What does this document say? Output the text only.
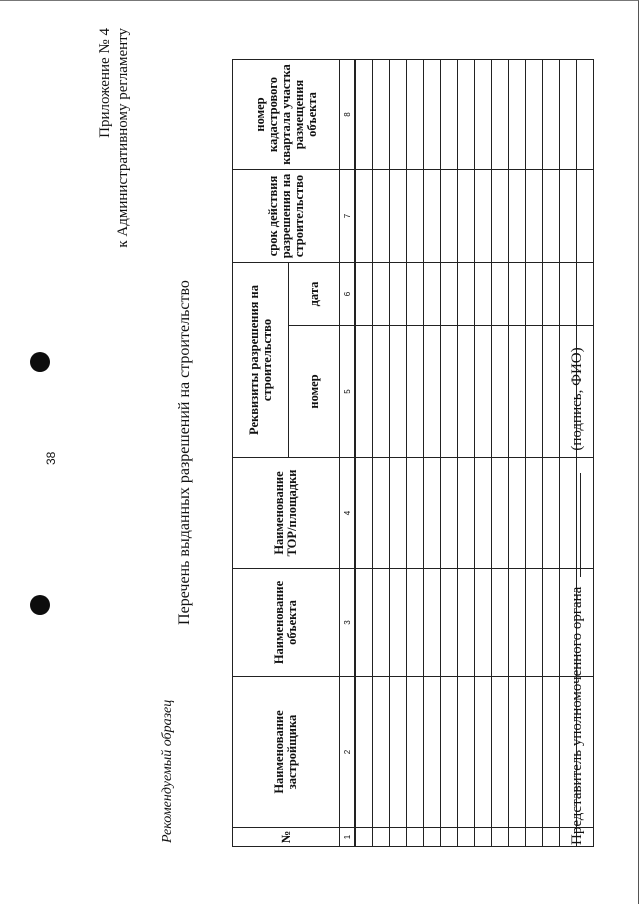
38
Приложение № 4 к Административному регламенту
Перечень выданных разрешений на строительство
Рекомендуемый образец	№	Наименование застройщика	Наименование объекта	Наименование ТОР/площадки	Реквизиты разрешения на строительство		срок действия разрешения на строительство	номер кадастрового квартала участка размещения объекта
				номер	дата		
1	2	3	4	5	6	7	8

Представитель уполномоченного органа(подпись, ФИО)
